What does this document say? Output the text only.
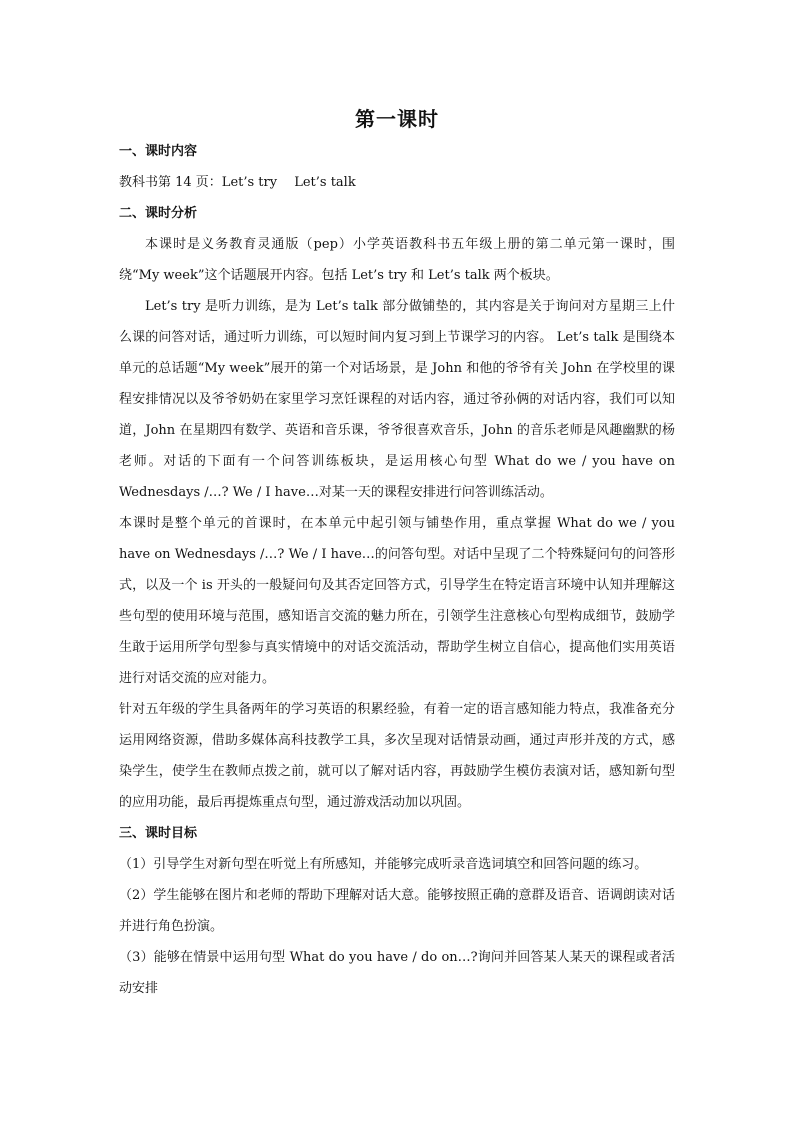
第一课时
一、课时内容

教科书第 14 页：Let’s try　 Let’s talk

二、课时分析

本课时是义务教育灵通版（pep）小学英语教科书五年级上册的第二单元第一课时，围绕“My week”这个话题展开内容。包括 Let’s try 和 Let’s talk 两个板块。

Let’s try 是听力训练，是为 Let’s talk 部分做铺垫的，其内容是关于询问对方星期三上什么课的问答对话，通过听力训练，可以短时间内复习到上节课学习的内容。 Let’s talk 是围绕本单元的总话题“My week”展开的第一个对话场景，是 John 和他的爷爷有关 John 在学校里的课程安排情况以及爷爷奶奶在家里学习烹饪课程的对话内容，通过爷孙俩的对话内容，我们可以知道，John 在星期四有数学、英语和音乐课，爷爷很喜欢音乐，John 的音乐老师是风趣幽默的杨老师。对话的下面有一个问答训练板块，是运用核心句型 What do we / you have on Wednesdays /…? We / I have…对某一天的课程安排进行问答训练活动。

本课时是整个单元的首课时，在本单元中起引领与铺垫作用，重点掌握 What do we / you have on Wednesdays /…? We / I have…的问答句型。对话中呈现了二个特殊疑问句的问答形式，以及一个 is 开头的一般疑问句及其否定回答方式，引导学生在特定语言环境中认知并理解这些句型的使用环境与范围，感知语言交流的魅力所在，引领学生注意核心句型构成细节，鼓励学生敢于运用所学句型参与真实情境中的对话交流活动，帮助学生树立自信心，提高他们实用英语进行对话交流的应对能力。

针对五年级的学生具备两年的学习英语的积累经验，有着一定的语言感知能力特点，我准备充分运用网络资源，借助多媒体高科技教学工具，多次呈现对话情景动画，通过声形并茂的方式，感染学生，使学生在教师点拨之前，就可以了解对话内容，再鼓励学生模仿表演对话，感知新句型的应用功能，最后再提炼重点句型，通过游戏活动加以巩固。

三、课时目标

（1）引导学生对新句型在听觉上有所感知，并能够完成听录音选词填空和回答问题的练习。

（2）学生能够在图片和老师的帮助下理解对话大意。能够按照正确的意群及语音、语调朗读对话并进行角色扮演。

（3）能够在情景中运用句型 What do you have / do on…?询问并回答某人某天的课程或者活动安排
